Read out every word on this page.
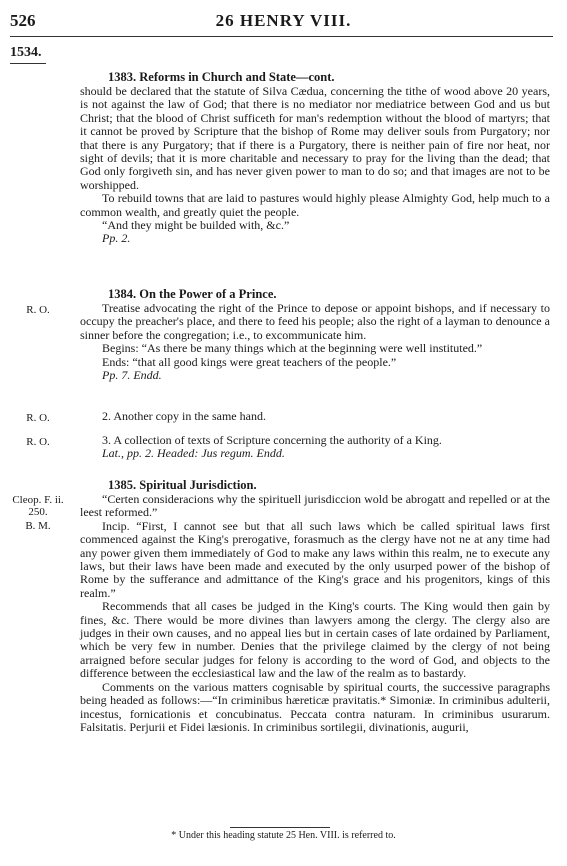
526	26 HENRY VIII.
1534.
1383. Reforms in Church and State—cont.

should be declared that the statute of Silva Cædua, concerning the tithe of wood above 20 years, is not against the law of God; that there is no mediator nor mediatrice between God and us but Christ; that the blood of Christ sufficeth for man's redemption without the blood of martyrs; that it cannot be proved by Scripture that the bishop of Rome may deliver souls from Purgatory; nor that there is any Purgatory; that if there is a Purgatory, there is neither pain of fire nor heat, nor sight of devils; that it is more charitable and necessary to pray for the living than the dead; that God only forgiveth sin, and has never given power to man to do so; and that images are not to be worshipped.

To rebuild towns that are laid to pastures would highly please Almighty God, help much to a common wealth, and greatly quiet the people.

“And they might be builded with, &c.”

Pp. 2.

1384. On the Power of a Prince.
R. O.	Treatise advocating the right of the Prince to depose or appoint bishops, and if necessary to occupy the preacher's place, and there to feed his people; also the right of a layman to denounce a sinner before the congregation; i.e., to excommunicate him.

Begins: “As there be many things which at the beginning were well instituted.”

Ends: “that all good kings were great teachers of the people.”

Pp. 7. Endd.

R. O.	2. Another copy in the same hand.

R. O.	3. A collection of texts of Scripture concerning the authority of a King.

Lat., pp. 2. Headed: Jus regum. Endd.

1385. Spiritual Jurisdiction.
Cleop. F. ii. 250.
B. M.

“Certen consideracions why the spirituell jurisdiccion wold be abrogatt and repelled or at the leest reformed.”

Incip. “First, I cannot see but that all such laws which be called spiritual laws first commenced against the King's prerogative, forasmuch as the clergy have not ne at any time had any power given them immediately of God to make any laws within this realm, ne to execute any laws, but their laws have been made and executed by the only usurped power of the bishop of Rome by the sufferance and admittance of the King's grace and his progenitors, kings of this realm.”

Recommends that all cases be judged in the King's courts. The King would then gain by fines, &c. There would be more divines than lawyers among the clergy. The clergy also are judges in their own causes, and no appeal lies but in certain cases of late ordained by Parliament, which be very few in number. Denies that the privilege claimed by the clergy of not being arraigned before secular judges for felony is according to the word of God, and objects to the difference between the ecclesiastical law and the law of the realm as to bastardy.

Comments on the various matters cognisable by spiritual courts, the successive paragraphs being headed as follows:—“In criminibus hæreticæ pravitatis.* Simoniæ. In criminibus adulterii, incestus, fornicationis et concubinatus. Peccata contra naturam. In criminibus usurarum. Falsitatis. Perjurii et Fidei læsionis. In criminibus sortilegii, divinationis, augurii,

* Under this heading statute 25 Hen. VIII. is referred to.
